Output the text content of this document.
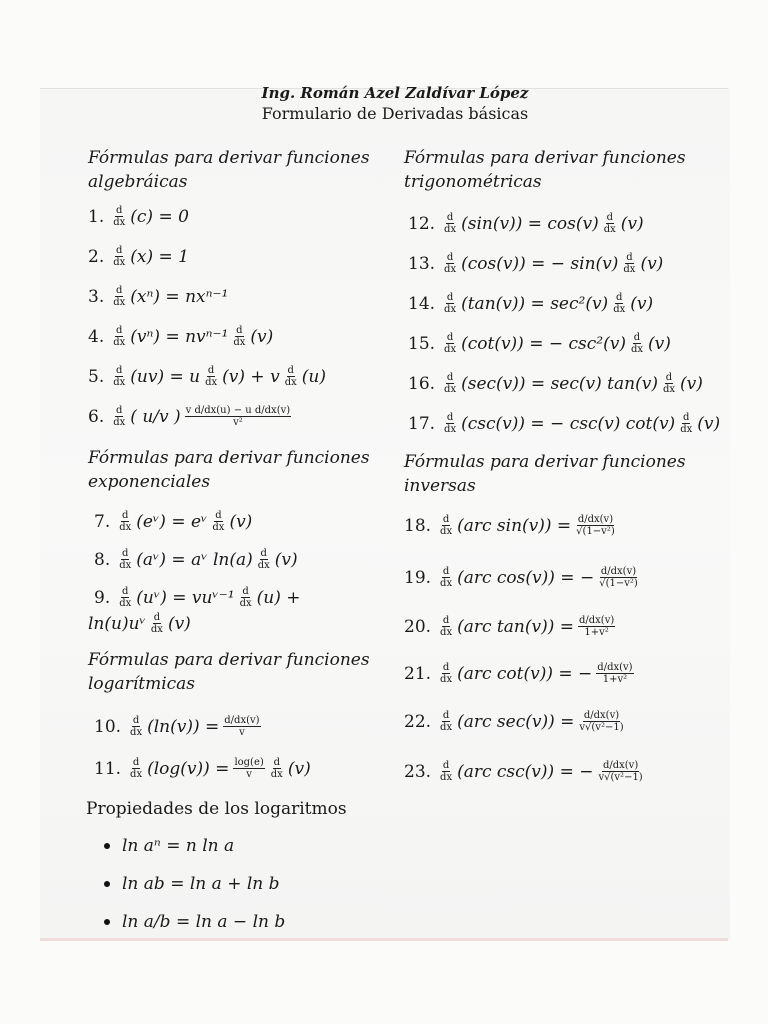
Ing. Román Azel Zaldívar López
Formulario de Derivadas básicas
Fórmulas para derivar funciones algebráicas
Fórmulas para derivar funciones exponenciales
Fórmulas para derivar funciones logarítmicas
Fórmulas para derivar funciones trigonométricas
Fórmulas para derivar funciones inversas
1. $\frac{d}{dx} (c) = 0$
2. $\frac{d}{dx} (x) = 1$
3. $\frac{d}{dx} (x^n) = nx^{n-1}$
4. $\frac{d}{dx} (v^n) = nv^{n-1} \frac{d}{dx} (v)$
5. $\frac{d}{dx} (uv) = u \frac{d}{dx} (v) + v \frac{d}{dx} (u)$
6. $\frac{d}{dx}$ ( u/v ) $\frac{\text{v d/dx(u) − u d/dx(v)}}{\text{v²}}$
7. $\frac{d}{dx}$ (eᵛ) = eᵛ $\frac{d}{dx} (v)$
8. $\frac{d}{dx}$ (aᵛ) = aᵛ $\ln(a) \frac{d}{dx} (v)$
9. $\frac{d}{dx}$ (uᵛ) = vuᵛ⁻¹ $\frac{d}{dx} (u)$ +
ln(u)uᵛ $\frac{d}{dx} (v)$
10. $\frac{d}{dx} (\ln(v)) = \frac{d/dx(v)}{v}$
11. $\frac{d}{dx} (\log(v)) = \frac{\log(e)}{v} \frac{d}{dx} (v)$
12. $\frac{d}{dx} (\sin(v)) = \cos(v) \frac{d}{dx} (v)$
13. $\frac{d}{dx} (\cos(v))$ = − $\sin(v) \frac{d}{dx} (v)$
14. $\frac{d}{dx} (\tan(v)) = \sec^2(v) \frac{d}{dx} (v)$
15. $\frac{d}{dx} (\cot(v))$ = − $\csc^2(v) \frac{d}{dx} (v)$
16. $\frac{d}{dx} (\sec(v)) = \sec(v)$ $\tan(v) \frac{d}{dx} (v)$
17. $\frac{d}{dx} (\csc(v))$ = − csc(v) $\cot(v) \frac{d}{dx} (v)$
18. $\frac{d}{dx} (arc$ $\sin(v)) = \frac{d/dx(v)}{\text{√(1−v²)}}$
19. $\frac{d}{dx} (arc$ cos(v)) = − $\frac{d/dx(v)}{\text{√(1−v²)}}$
20. $\frac{d}{dx} (arc$ $\tan(v)) = \frac{d/dx(v)}{\text{1+v²}}$
21. $\frac{d}{dx} (arc$ cot(v)) = − $\frac{d/dx(v)}{\text{1+v²}}$
22. $\frac{d}{dx} (arc$ $\sec(v)) = \frac{d/dx(v)}{\text{v√(v²−1)}}$
23. $\frac{d}{dx} (arc$ csc(v)) = − $\frac{d/dx(v)}{\text{v√(v²−1)}}$
Propiedades de los logaritmos
ln aⁿ = n ln a
ln ab = ln a + ln b
ln a/b = ln a − ln b
